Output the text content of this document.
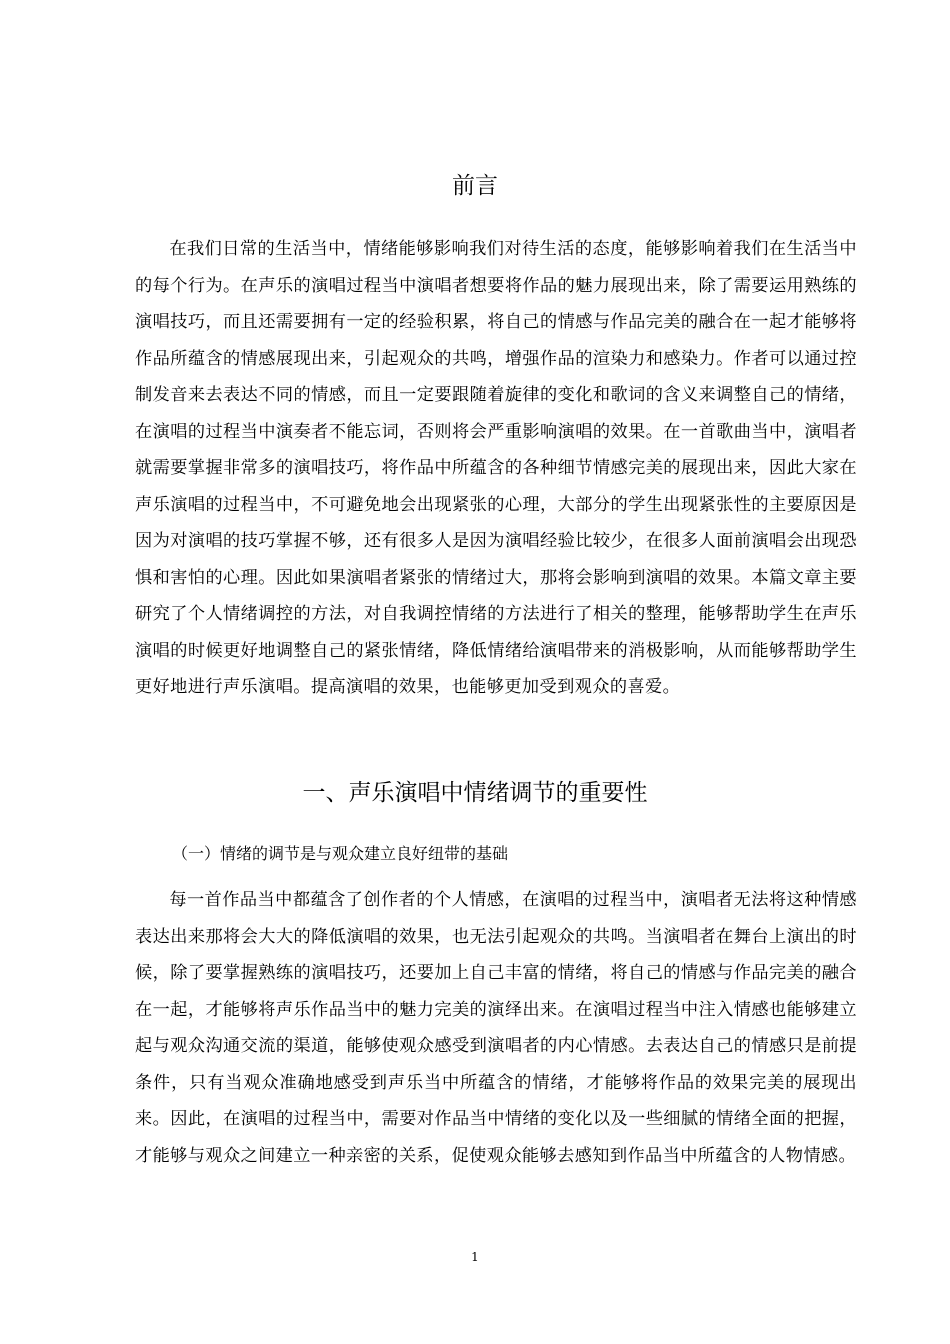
前言

在我们日常的生活当中，情绪能够影响我们对待生活的态度，能够影响着我们在生活当中的每个行为。在声乐的演唱过程当中演唱者想要将作品的魅力展现出来，除了需要运用熟练的演唱技巧，而且还需要拥有一定的经验积累，将自己的情感与作品完美的融合在一起才能够将作品所蕴含的情感展现出来，引起观众的共鸣，增强作品的渲染力和感染力。作者可以通过控制发音来去表达不同的情感，而且一定要跟随着旋律的变化和歌词的含义来调整自己的情绪，在演唱的过程当中演奏者不能忘词，否则将会严重影响演唱的效果。在一首歌曲当中，演唱者就需要掌握非常多的演唱技巧，将作品中所蕴含的各种细节情感完美的展现出来，因此大家在声乐演唱的过程当中，不可避免地会出现紧张的心理，大部分的学生出现紧张性的主要原因是因为对演唱的技巧掌握不够，还有很多人是因为演唱经验比较少，在很多人面前演唱会出现恐惧和害怕的心理。因此如果演唱者紧张的情绪过大，那将会影响到演唱的效果。本篇文章主要研究了个人情绪调控的方法，对自我调控情绪的方法进行了相关的整理，能够帮助学生在声乐演唱的时候更好地调整自己的紧张情绪，降低情绪给演唱带来的消极影响，从而能够帮助学生更好地进行声乐演唱。提高演唱的效果，也能够更加受到观众的喜爱。

一、声乐演唱中情绪调节的重要性
（一）情绪的调节是与观众建立良好纽带的基础

每一首作品当中都蕴含了创作者的个人情感，在演唱的过程当中，演唱者无法将这种情感表达出来那将会大大的降低演唱的效果，也无法引起观众的共鸣。当演唱者在舞台上演出的时候，除了要掌握熟练的演唱技巧，还要加上自己丰富的情绪，将自己的情感与作品完美的融合在一起，才能够将声乐作品当中的魅力完美的演绎出来。在演唱过程当中注入情感也能够建立起与观众沟通交流的渠道，能够使观众感受到演唱者的内心情感。去表达自己的情感只是前提条件，只有当观众准确地感受到声乐当中所蕴含的情绪，才能够将作品的效果完美的展现出来。因此，在演唱的过程当中，需要对作品当中情绪的变化以及一些细腻的情绪全面的把握，才能够与观众之间建立一种亲密的关系，促使观众能够去感知到作品当中所蕴含的人物情感。

1
